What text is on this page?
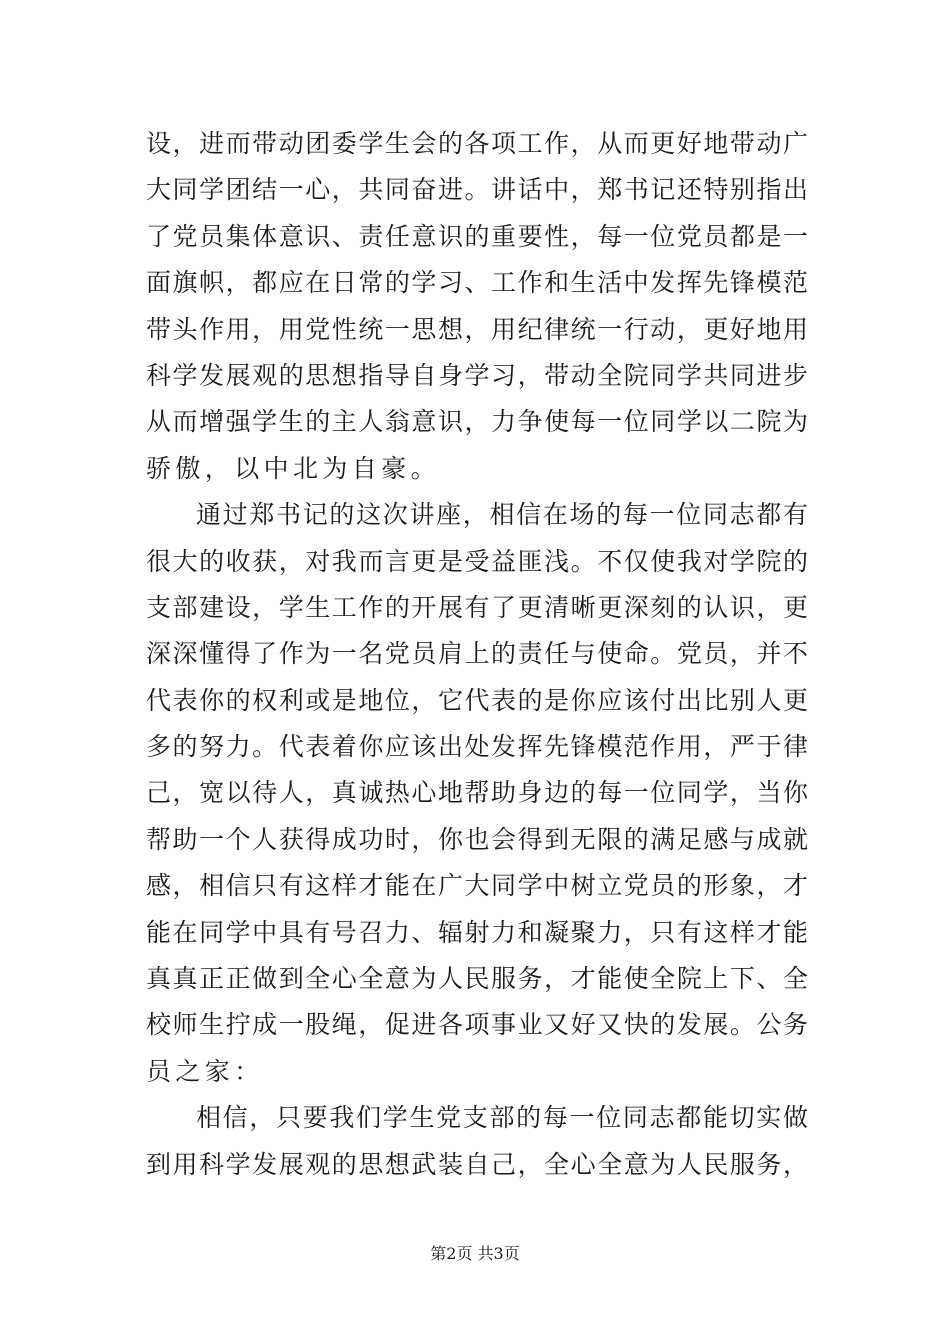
设，进而带动团委学生会的各项工作，从而更好地带动广
大同学团结一心，共同奋进。讲话中，郑书记还特别指出
了党员集体意识、责任意识的重要性，每一位党员都是一
面旗帜，都应在日常的学习、工作和生活中发挥先锋模范
带头作用，用党性统一思想，用纪律统一行动，更好地用
科学发展观的思想指导自身学习，带动全院同学共同进步
从而增强学生的主人翁意识，力争使每一位同学以二院为
骄傲，以中北为自豪。
通过郑书记的这次讲座，相信在场的每一位同志都有
很大的收获，对我而言更是受益匪浅。不仅使我对学院的
支部建设，学生工作的开展有了更清晰更深刻的认识，更
深深懂得了作为一名党员肩上的责任与使命。党员，并不
代表你的权利或是地位，它代表的是你应该付出比别人更
多的努力。代表着你应该出处发挥先锋模范作用，严于律
己，宽以待人，真诚热心地帮助身边的每一位同学，当你
帮助一个人获得成功时，你也会得到无限的满足感与成就
感，相信只有这样才能在广大同学中树立党员的形象，才
能在同学中具有号召力、辐射力和凝聚力，只有这样才能
真真正正做到全心全意为人民服务，才能使全院上下、全
校师生拧成一股绳，促进各项事业又好又快的发展。公务
员之家：
相信，只要我们学生党支部的每一位同志都能切实做
到用科学发展观的思想武装自己，全心全意为人民服务，
第2页 共3页
